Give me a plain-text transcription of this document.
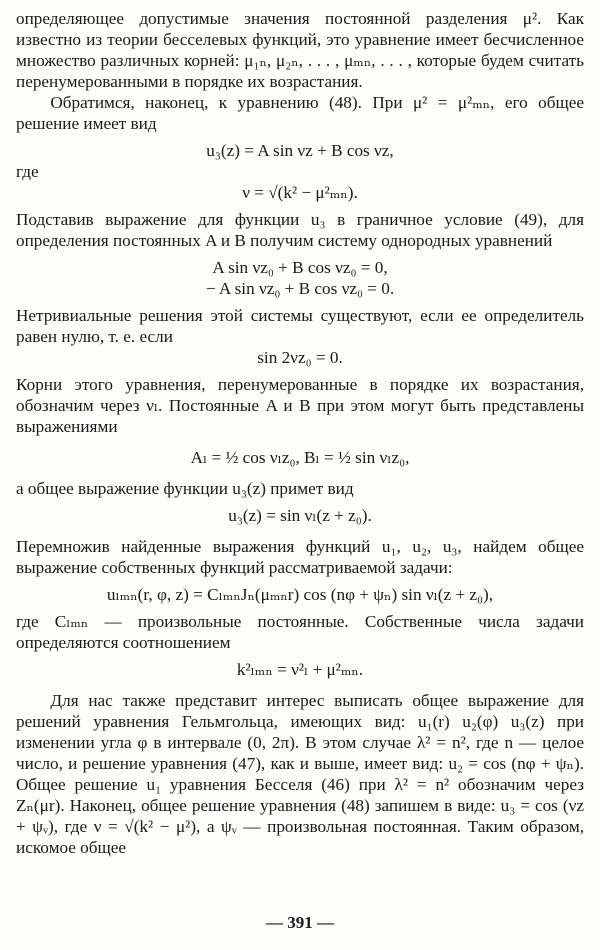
определяющее допустимые значения постоянной разделения μ². Как известно из теории бесселевых функций, это уравнение имеет бесчисленное множество различных корней: μ₁ₙ, μ₂ₙ, . . . , μₘₙ, . . . , которые будем считать перенумерованными в порядке их возрастания.

Обратимся, наконец, к уравнению (48). При μ² = μ²ₘₙ, его общее решение имеет вид

u₃(z) = A sin νz + B cos νz,

где

ν = √(k² − μ²ₘₙ).

Подставив выражение для функции u₃ в граничное условие (49), для определения постоянных A и B получим систему однородных уравнений

A sin νz₀ + B cos νz₀ = 0,

− A sin νz₀ + B cos νz₀ = 0.

Нетривиальные решения этой системы существуют, если ее определитель равен нулю, т. е. если

sin 2νz₀ = 0.

Корни этого уравнения, перенумерованные в порядке их возрастания, обозначим через νₗ. Постоянные A и B при этом могут быть представлены выражениями

Aₗ = ½ cos νₗz₀, Bₗ = ½ sin νₗz₀,

а общее выражение функции u₃(z) примет вид

u₃(z) = sin νₗ(z + z₀).

Перемножив найденные выражения функций u₁, u₂, u₃, найдем общее выражение собственных функций рассматриваемой задачи:

uₗₘₙ(r, φ, z) = CₗₘₙJₙ(μₘₙr) cos (nφ + ψₙ) sin νₗ(z + z₀),

где Cₗₘₙ — произвольные постоянные. Собственные числа задачи определяются соотношением

k²ₗₘₙ = ν²ₗ + μ²ₘₙ.

Для нас также представит интерес выписать общее выражение для решений уравнения Гельмгольца, имеющих вид: u₁(r) u₂(φ) u₃(z) при изменении угла φ в интервале (0, 2π). В этом случае λ² = n², где n — целое число, и решение уравнения (47), как и выше, имеет вид: u₂ = cos (nφ + ψₙ). Общее решение u₁ уравнения Бесселя (46) при λ² = n² обозначим через Zₙ(μr). Наконец, общее решение уравнения (48) запишем в виде: u₃ = cos (νz + ψᵥ), где ν = √(k² − μ²), а ψᵥ — произвольная постоянная. Таким образом, искомое общее

— 391 —
